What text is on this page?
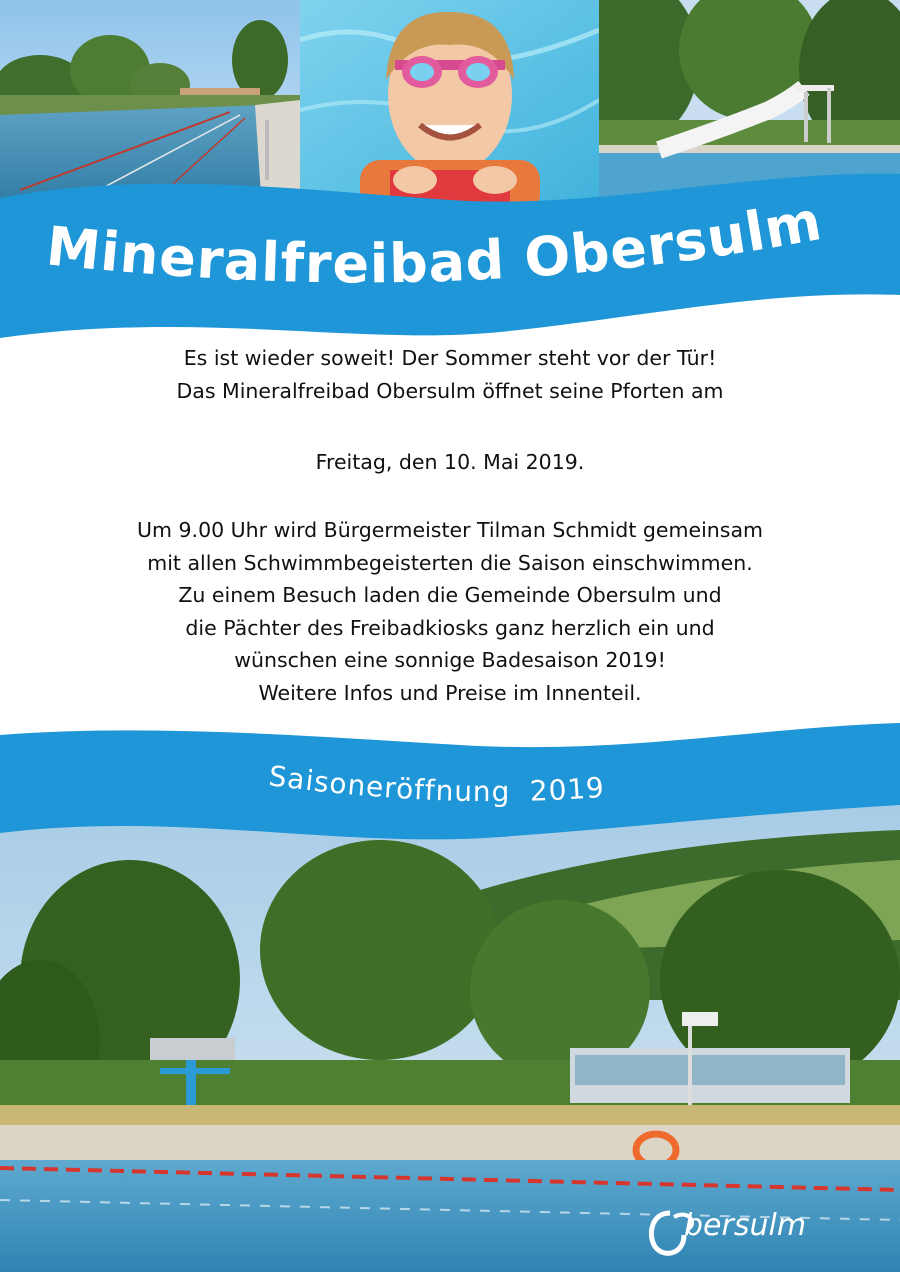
Mineralfreibad Obersulm
Es ist wieder soweit! Der Sommer steht vor der Tür!
Das Mineralfreibad Obersulm öffnet seine Pforten am
Freitag, den 10. Mai 2019.
Um 9.00 Uhr wird Bürgermeister Tilman Schmidt gemeinsam
mit allen Schwimmbegeisterten die Saison einschwimmen.
Zu einem Besuch laden die Gemeinde Obersulm und
die Pächter des Freibadkiosks ganz herzlich ein und
wünschen eine sonnige Badesaison 2019!
Weitere Infos und Preise im Innenteil.
Saisoneröffnung  2019
bersulm
